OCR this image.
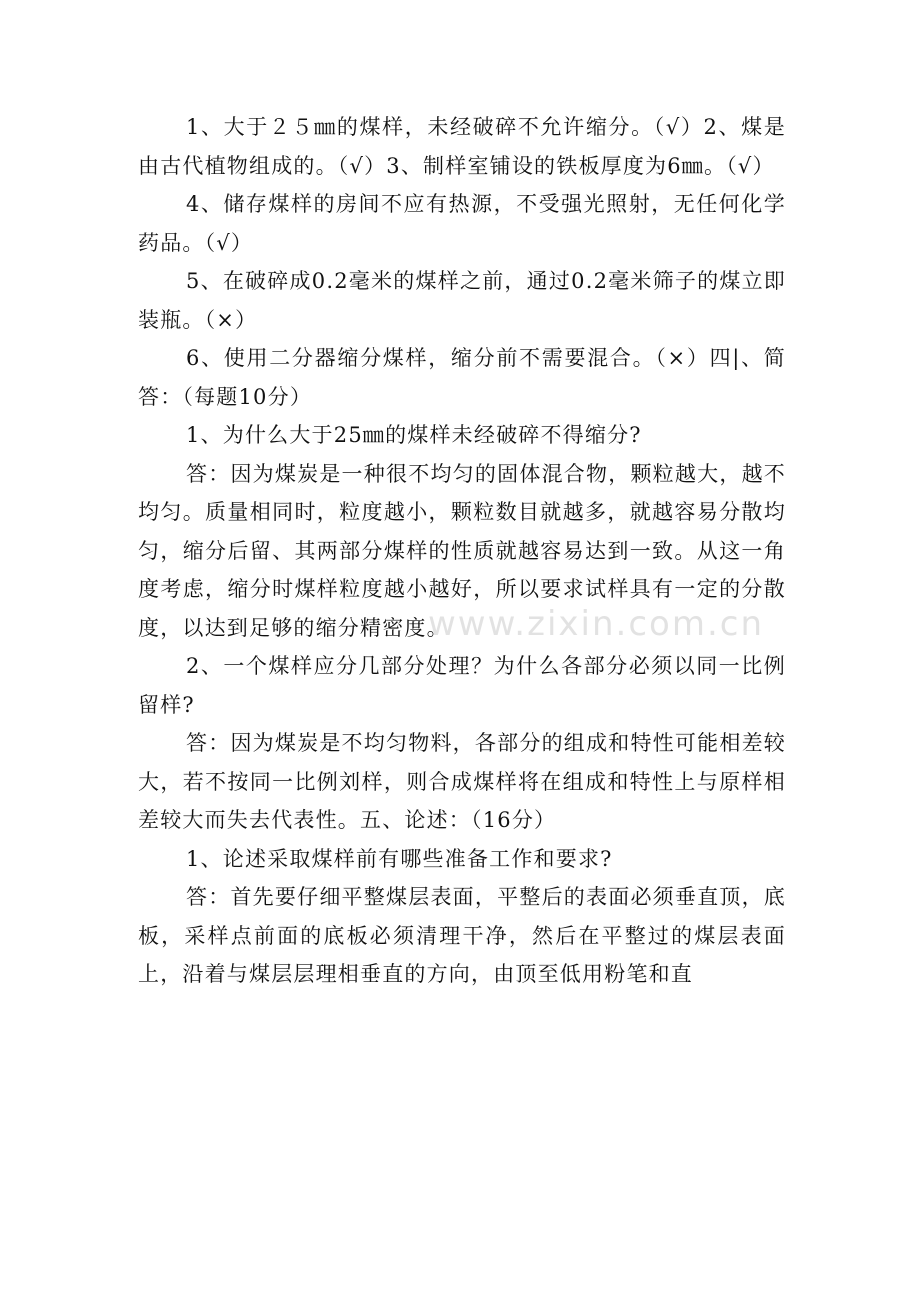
1、大于２５㎜的煤样，未经破碎不允许缩分。（√）2、煤是由古代植物组成的。（√）3、制样室铺设的铁板厚度为6㎜。（√）

4、储存煤样的房间不应有热源，不受强光照射，无任何化学药品。（√）

5、在破碎成0.2毫米的煤样之前，通过0.2毫米筛子的煤立即装瓶。（×）

6、使用二分器缩分煤样，缩分前不需要混合。（×）四|、简答：（每题10分）

1、为什么大于25㎜的煤样未经破碎不得缩分?

答：因为煤炭是一种很不均匀的固体混合物，颗粒越大，越不均匀。质量相同时，粒度越小，颗粒数目就越多，就越容易分散均匀，缩分后留、其两部分煤样的性质就越容易达到一致。从这一角度考虑，缩分时煤样粒度越小越好，所以要求试样具有一定的分散度，以达到足够的缩分精密度。

2、一个煤样应分几部分处理？为什么各部分必须以同一比例留样?

答：因为煤炭是不均匀物料，各部分的组成和特性可能相差较大，若不按同一比例刘样，则合成煤样将在组成和特性上与原样相差较大而失去代表性。五、论述：（16分）

1、论述采取煤样前有哪些准备工作和要求?

答：首先要仔细平整煤层表面，平整后的表面必须垂直顶，底板，采样点前面的底板必须清理干净，然后在平整过的煤层表面上，沿着与煤层层理相垂直的方向，由顶至低用粉笔和直

www.zixin.com.cn
